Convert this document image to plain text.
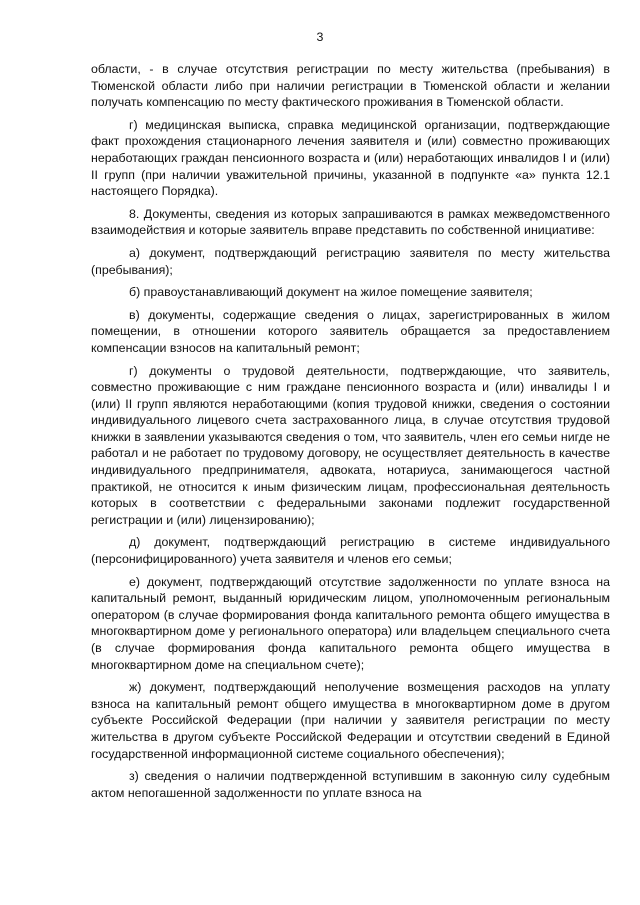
3

области, - в случае отсутствия регистрации по месту жительства (пребывания) в Тюменской области либо при наличии регистрации в Тюменской области и желании получать компенсацию по месту фактического проживания в Тюменской области.

г) медицинская выписка, справка медицинской организации, подтверждающие факт прохождения стационарного лечения заявителя и (или) совместно проживающих неработающих граждан пенсионного возраста и (или) неработающих инвалидов I и (или) II групп (при наличии уважительной причины, указанной в подпункте «а» пункта 12.1 настоящего Порядка).

8. Документы, сведения из которых запрашиваются в рамках межведомственного взаимодействия и которые заявитель вправе представить по собственной инициативе:

а) документ, подтверждающий регистрацию заявителя по месту жительства (пребывания);

б) правоустанавливающий документ на жилое помещение заявителя;

в) документы, содержащие сведения о лицах, зарегистрированных в жилом помещении, в отношении которого заявитель обращается за предоставлением компенсации взносов на капитальный ремонт;

г) документы о трудовой деятельности, подтверждающие, что заявитель, совместно проживающие с ним граждане пенсионного возраста и (или) инвалиды I и (или) II групп являются неработающими (копия трудовой книжки, сведения о состоянии индивидуального лицевого счета застрахованного лица, в случае отсутствия трудовой книжки в заявлении указываются сведения о том, что заявитель, член его семьи нигде не работал и не работает по трудовому договору, не осуществляет деятельность в качестве индивидуального предпринимателя, адвоката, нотариуса, занимающегося частной практикой, не относится к иным физическим лицам, профессиональная деятельность которых в соответствии с федеральными законами подлежит государственной регистрации и (или) лицензированию);

д) документ, подтверждающий регистрацию в системе индивидуального (персонифицированного) учета заявителя и членов его семьи;

е) документ, подтверждающий отсутствие задолженности по уплате взноса на капитальный ремонт, выданный юридическим лицом, уполномоченным региональным оператором (в случае формирования фонда капитального ремонта общего имущества в многоквартирном доме у регионального оператора) или владельцем специального счета (в случае формирования фонда капитального ремонта общего имущества в многоквартирном доме на специальном счете);

ж) документ, подтверждающий неполучение возмещения расходов на уплату взноса на капитальный ремонт общего имущества в многоквартирном доме в другом субъекте Российской Федерации (при наличии у заявителя регистрации по месту жительства в другом субъекте Российской Федерации и отсутствии сведений в Единой государственной информационной системе социального обеспечения);

з) сведения о наличии подтвержденной вступившим в законную силу судебным актом непогашенной задолженности по уплате взноса на
